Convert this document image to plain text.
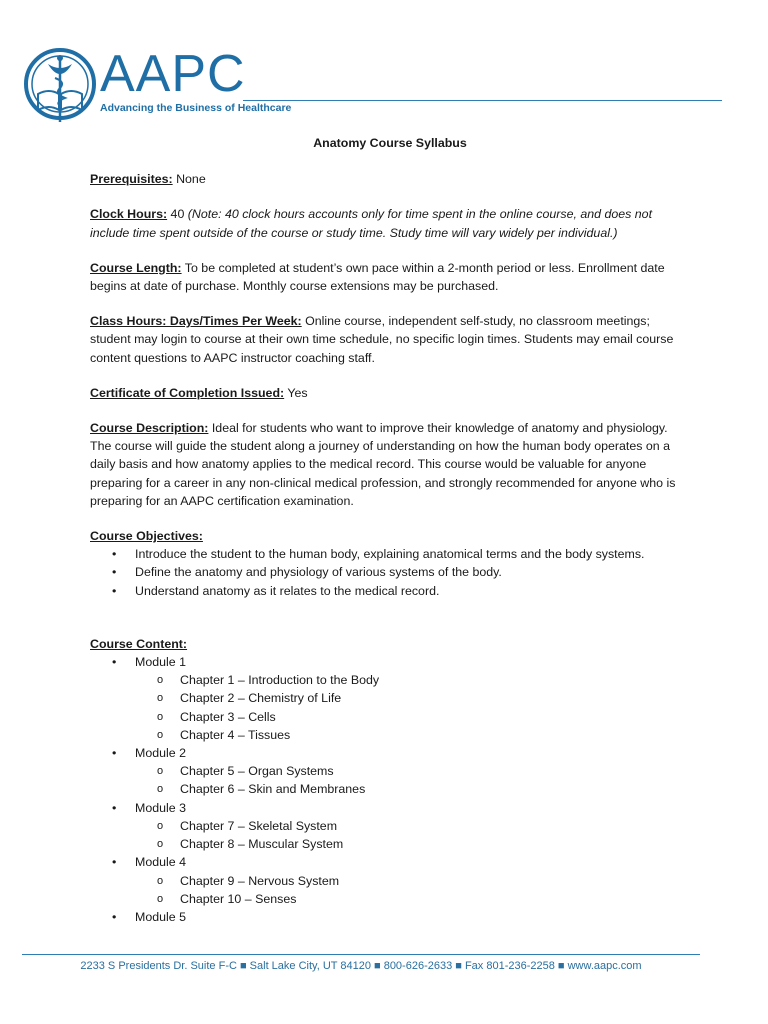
AAPC
Advancing the Business of Healthcare
Anatomy Course Syllabus

Prerequisites: None

Clock Hours: 40 (Note: 40 clock hours accounts only for time spent in the online course, and does not include time spent outside of the course or study time. Study time will vary widely per individual.)

Course Length: To be completed at student’s own pace within a 2-month period or less. Enrollment date begins at date of purchase. Monthly course extensions may be purchased.

Class Hours: Days/Times Per Week: Online course, independent self-study, no classroom meetings; student may login to course at their own time schedule, no specific login times. Students may email course content questions to AAPC instructor coaching staff.

Certificate of Completion Issued: Yes

Course Description: Ideal for students who want to improve their knowledge of anatomy and physiology. The course will guide the student along a journey of understanding on how the human body operates on a daily basis and how anatomy applies to the medical record. This course would be valuable for anyone preparing for a career in any non-clinical medical profession, and strongly recommended for anyone who is preparing for an AAPC certification examination.

Course Objectives:
• Introduce the student to the human body, explaining anatomical terms and the body systems.
• Define the anatomy and physiology of various systems of the body.
• Understand anatomy as it relates to the medical record.
Course Content:
• Module 1
o Chapter 1 – Introduction to the Body
o Chapter 2 – Chemistry of Life
o Chapter 3 – Cells
o Chapter 4 – Tissues
• Module 2
o Chapter 5 – Organ Systems
o Chapter 6 – Skin and Membranes
• Module 3
o Chapter 7 – Skeletal System
o Chapter 8 – Muscular System
• Module 4
o Chapter 9 – Nervous System
o Chapter 10 – Senses
• Module 5
2233 S Presidents Dr. Suite F-C ■ Salt Lake City, UT 84120 ■ 800-626-2633 ■ Fax 801-236-2258 ■ www.aapc.com
